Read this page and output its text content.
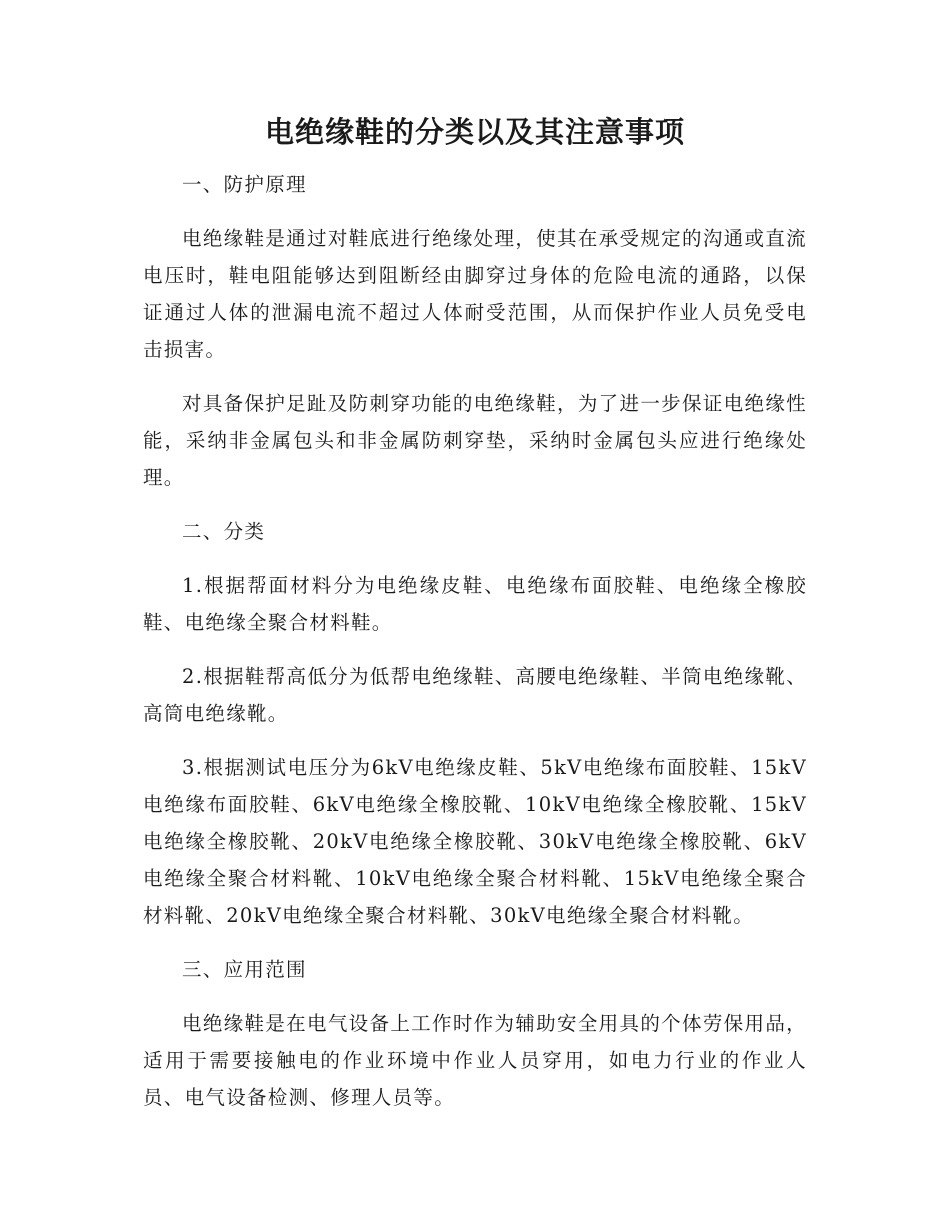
电绝缘鞋的分类以及其注意事项

一、防护原理

电绝缘鞋是通过对鞋底进行绝缘处理，使其在承受规定的沟通或直流电压时，鞋电阻能够达到阻断经由脚穿过身体的危险电流的通路，以保证通过人体的泄漏电流不超过人体耐受范围，从而保护作业人员免受电击损害。

对具备保护足趾及防刺穿功能的电绝缘鞋，为了进一步保证电绝缘性能，采纳非金属包头和非金属防刺穿垫，采纳时金属包头应进行绝缘处理。

二、分类

1.根据帮面材料分为电绝缘皮鞋、电绝缘布面胶鞋、电绝缘全橡胶鞋、电绝缘全聚合材料鞋。

2.根据鞋帮高低分为低帮电绝缘鞋、高腰电绝缘鞋、半筒电绝缘靴、高筒电绝缘靴。

3.根据测试电压分为6kV电绝缘皮鞋、5kV电绝缘布面胶鞋、15kV电绝缘布面胶鞋、6kV电绝缘全橡胶靴、10kV电绝缘全橡胶靴、15kV电绝缘全橡胶靴、20kV电绝缘全橡胶靴、30kV电绝缘全橡胶靴、6kV电绝缘全聚合材料靴、10kV电绝缘全聚合材料靴、15kV电绝缘全聚合材料靴、20kV电绝缘全聚合材料靴、30kV电绝缘全聚合材料靴。

三、应用范围

电绝缘鞋是在电气设备上工作时作为辅助安全用具的个体劳保用品，适用于需要接触电的作业环境中作业人员穿用，如电力行业的作业人员、电气设备检测、修理人员等。
